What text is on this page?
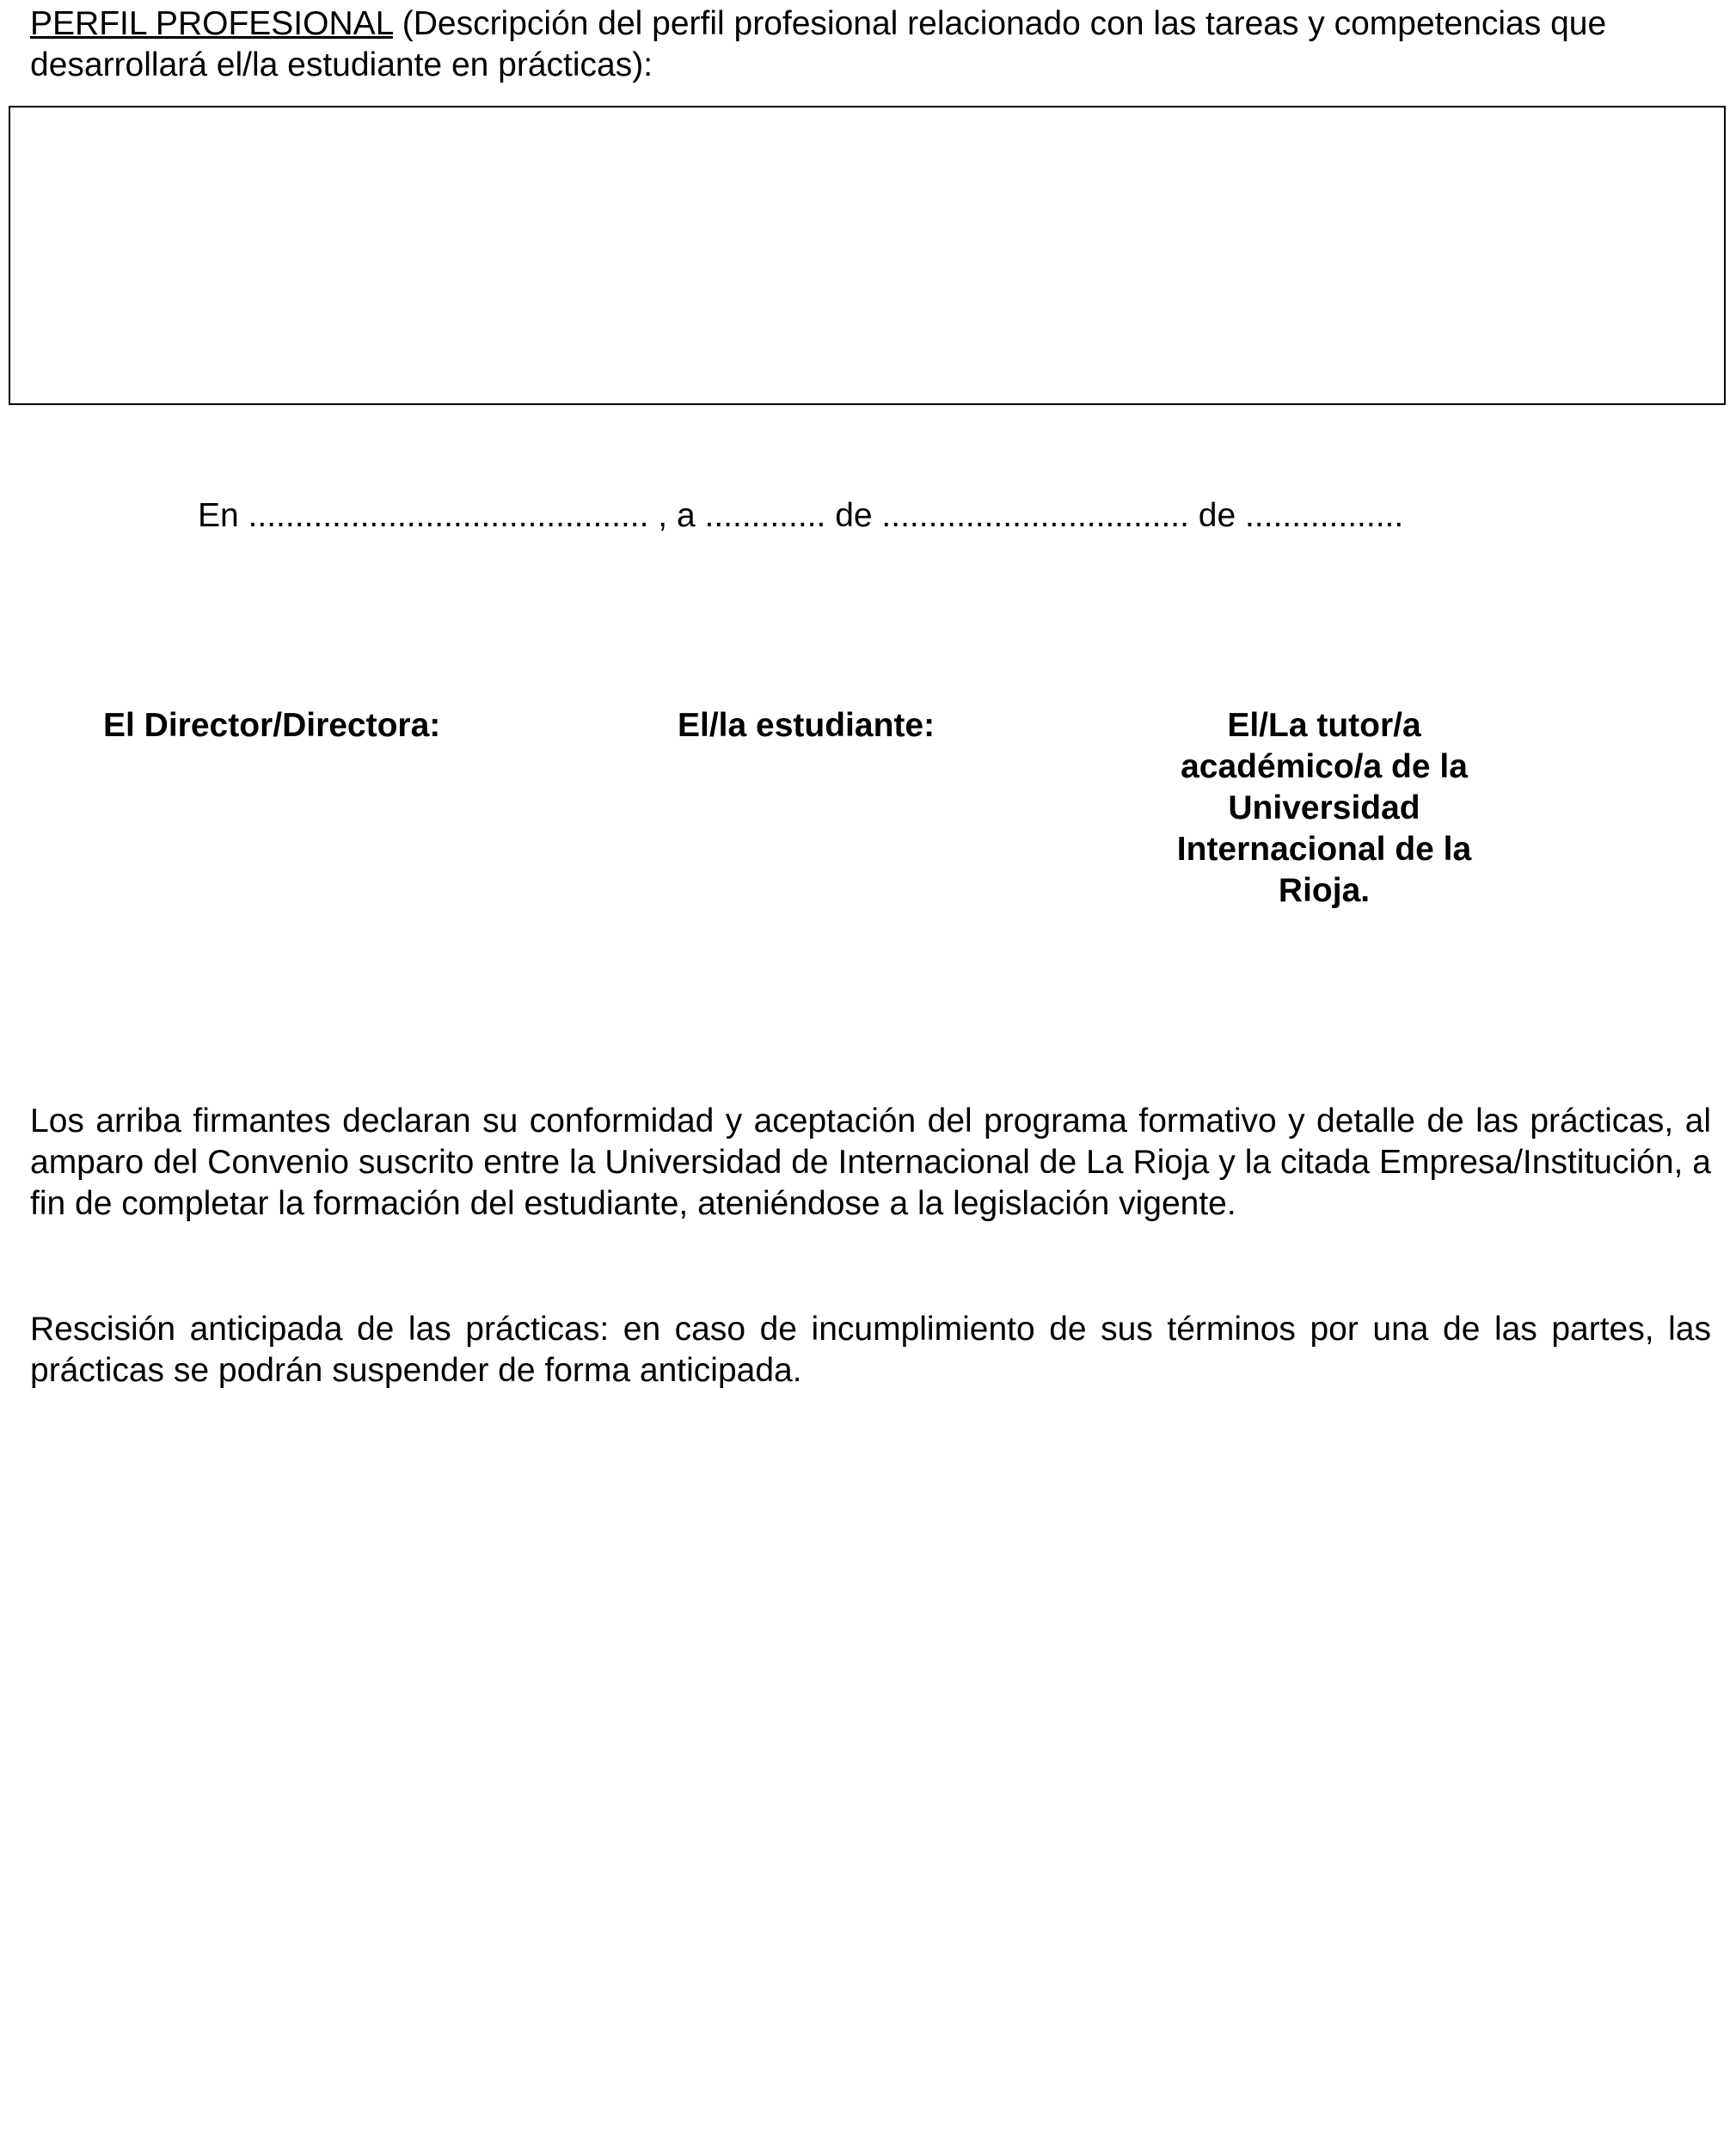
PERFIL PROFESIONAL (Descripción del perfil profesional relacionado con las tareas y competencias que desarrollará el/la estudiante en prácticas):

En ........................................... , a ............. de ................................. de .................

El Director/Directora:	El/la estudiante:	El/La tutor/a académico/a de la Universidad Internacional de la Rioja.

Los arriba firmantes declaran su conformidad y aceptación del programa formativo y detalle de las prácticas, al amparo del Convenio suscrito entre la Universidad de Internacional de La Rioja y la citada Empresa/Institución, a fin de completar la formación del estudiante, ateniéndose a la legislación vigente.

Rescisión anticipada de las prácticas: en caso de incumplimiento de sus términos por una de las partes, las prácticas se podrán suspender de forma anticipada.
